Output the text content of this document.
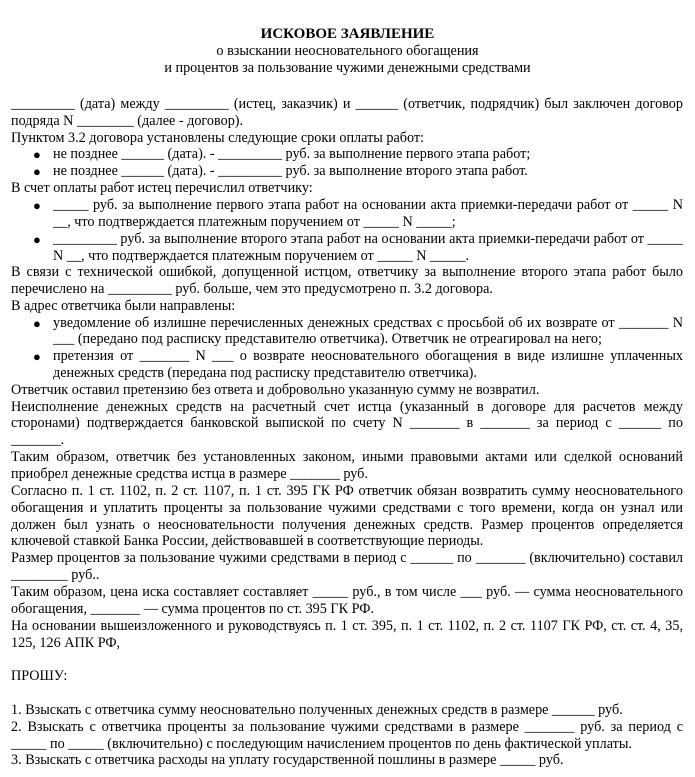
ИСКОВОЕ ЗАЯВЛЕНИЕ
о взыскании неосновательного обогащения
и процентов за пользование чужими денежными средствами
_________ (дата) между _________ (истец, заказчик) и ______ (ответчик, подрядчик) был заключен договор
подряда N ________ (далее - договор).
Пунктом 3.2 договора установлены следующие сроки оплаты работ:
● не позднее ______ (дата). - _________ руб. за выполнение первого этапа работ;
● не позднее ______ (дата). - _________ руб. за выполнение второго этапа работ.
В счет оплаты работ истец перечислил ответчику:
● _____ руб. за выполнение первого этапа работ на основании акта приемки-передачи работ от _____ N
__, что подтверждается платежным поручением от _____ N _____;
● _________ руб. за выполнение второго этапа работ на основании акта приемки-передачи работ от _____
N __, что подтверждается платежным поручением от _____ N _____.
В связи с технической ошибкой, допущенной истцом, ответчику за выполнение второго этапа работ было
перечислено на _________ руб. больше, чем это предусмотрено п. 3.2 договора.
В адрес ответчика были направлены:
● уведомление об излишне перечисленных денежных средствах с просьбой об их возврате от _______ N
___ (передано под расписку представителю ответчика). Ответчик не отреагировал на него;
● претензия от _______ N ___ о возврате неосновательного обогащения в виде излишне уплаченных
денежных средств (передана под расписку представителю ответчика).
Ответчик оставил претензию без ответа и добровольно указанную сумму не возвратил.
Неисполнение денежных средств на расчетный счет истца (указанный в договоре для расчетов между
сторонами) подтверждается банковской выпиской по счету N _______ в _______ за период с ______ по
_______.
Таким образом, ответчик без установленных законом, иными правовыми актами или сделкой оснований
приобрел денежные средства истца в размере _______ руб.
Согласно п. 1 ст. 1102, п. 2 ст. 1107, п. 1 ст. 395 ГК РФ ответчик обязан возвратить сумму неосновательного
обогащения и уплатить проценты за пользование чужими средствами с того времени, когда он узнал или
должен был узнать о неосновательности получения денежных средств. Размер процентов определяется
ключевой ставкой Банка России, действовавшей в соответствующие периоды.
Размер процентов за пользование чужими средствами в период с ______ по _______ (включительно) составил
________ руб..
Таким образом, цена иска составляет составляет _____ руб., в том числе ___ руб. — сумма неосновательного
обогащения, _______ — сумма процентов по ст. 395 ГК РФ.
На основании вышеизложенного и руководствуясь п. 1 ст. 395, п. 1 ст. 1102, п. 2 ст. 1107 ГК РФ, ст. ст. 4, 35,
125, 126 АПК РФ,
ПРОШУ:
1. Взыскать с ответчика сумму неосновательно полученных денежных средств в размере ______ руб.
2. Взыскать с ответчика проценты за пользование чужими средствами в размере _______ руб. за период с
_____ по _____ (включительно) с последующим начислением процентов по день фактической уплаты.
3. Взыскать с ответчика расходы на уплату государственной пошлины в размере _____ руб.
